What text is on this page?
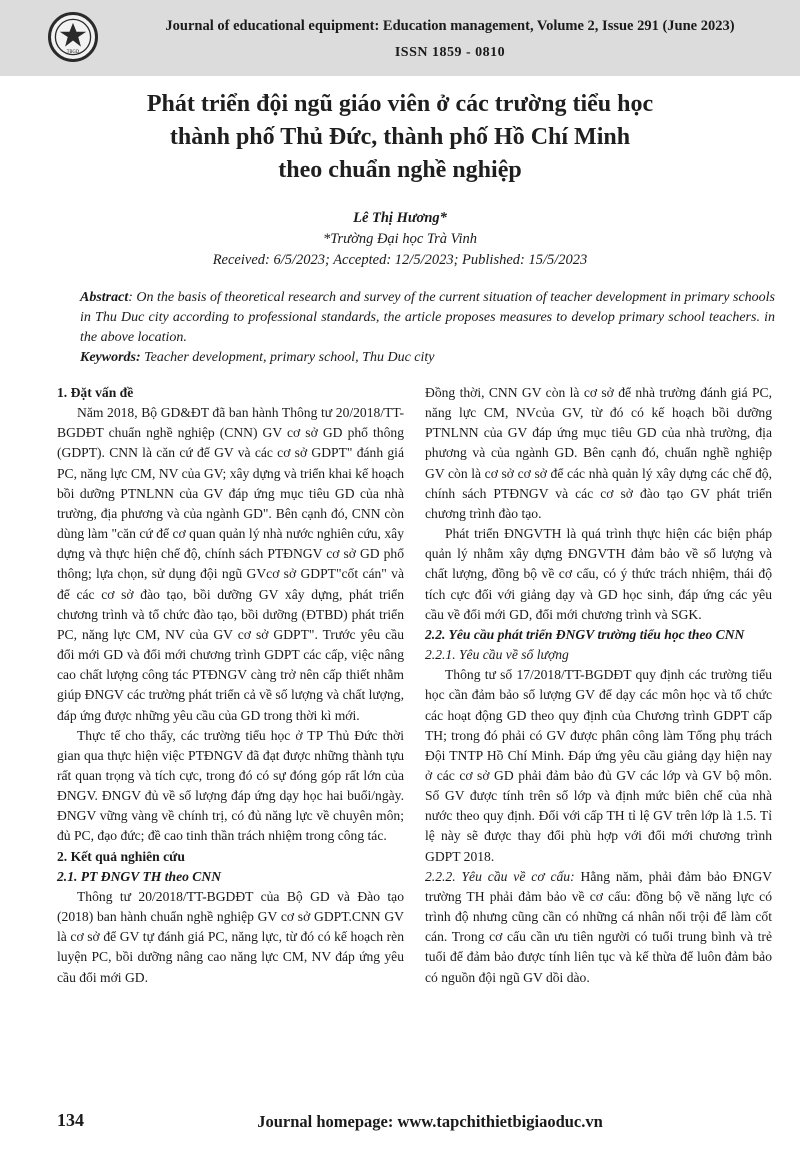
TBGD
Journal of educational equipment: Education management, Volume 2, Issue 291 (June 2023)
ISSN 1859 - 0810
Phát triển đội ngũ giáo viên ở các trường tiểu học
thành phố Thủ Đức, thành phố Hồ Chí Minh
theo chuẩn nghề nghiệp
Lê Thị Hương*
*Trường Đại học Trà Vinh
Received: 6/5/2023; Accepted: 12/5/2023; Published: 15/5/2023
Abstract: On the basis of theoretical research and survey of the current situation of teacher development in primary schools in Thu Duc city according to professional standards, the article proposes measures to develop primary school teachers. in the above location.
Keywords: Teacher development, primary school, Thu Duc city

1. Đặt vấn đề

Năm 2018, Bộ GD&ĐT đã ban hành Thông tư 20/2018/TT-BGDĐT chuẩn nghề nghiệp (CNN) GV cơ sở GD phổ thông (GDPT). CNN là căn cứ để GV và các cơ sở GDPT" đánh giá PC, năng lực CM, NV của GV; xây dựng và triển khai kế hoạch bồi dưỡng PTNLNN của GV đáp ứng mục tiêu GD của nhà trường, địa phương và của ngành GD". Bên cạnh đó, CNN còn dùng làm "căn cứ để cơ quan quản lý nhà nước nghiên cứu, xây dựng và thực hiện chế độ, chính sách PTĐNGV cơ sở GD phổ thông; lựa chọn, sử dụng đội ngũ GVcơ sở GDPT"cốt cán" và để các cơ sở đào tạo, bồi dưỡng GV xây dựng, phát triển chương trình và tổ chức đào tạo, bồi dưỡng (ĐTBD) phát triển PC, năng lực CM, NV của GV cơ sở GDPT". Trước yêu cầu đổi mới GD và đổi mới chương trình GDPT các cấp, việc nâng cao chất lượng công tác PTĐNGV càng trở nên cấp thiết nhằm giúp ĐNGV các trường phát triển cả về số lượng và chất lượng, đáp ứng được những yêu cầu của GD trong thời kì mới.

Thực tế cho thấy, các trường tiểu học ở TP Thủ Đức thời gian qua thực hiện việc PTĐNGV đã đạt được những thành tựu rất quan trọng và tích cực, trong đó có sự đóng góp rất lớn của ĐNGV. ĐNGV đủ về số lượng đáp ứng dạy học hai buổi/ngày. ĐNGV vững vàng về chính trị, có đủ năng lực về chuyên môn; đủ PC, đạo đức; đề cao tinh thần trách nhiệm trong công tác.

2. Kết quả nghiên cứu

2.1. PT ĐNGV TH theo CNN

Thông tư 20/2018/TT-BGDĐT của Bộ GD và Đào tạo (2018) ban hành chuẩn nghề nghiệp GV cơ sở GDPT.CNN GV là cơ sở để GV tự đánh giá PC, năng lực, từ đó có kế hoạch rèn luyện PC, bồi dưỡng nâng cao năng lực CM, NV đáp ứng yêu cầu đổi mới GD.

Đồng thời, CNN GV còn là cơ sở để nhà trường đánh giá PC, năng lực CM, NVcủa GV, từ đó có kế hoạch bồi dưỡng PTNLNN của GV đáp ứng mục tiêu GD của nhà trường, địa phương và của ngành GD. Bên cạnh đó, chuẩn nghề nghiệp GV còn là cơ sở cơ sở để các nhà quản lý xây dựng các chế độ, chính sách PTĐNGV và các cơ sở đào tạo GV phát triển chương trình đào tạo.

Phát triển ĐNGVTH là quá trình thực hiện các biện pháp quản lý nhằm xây dựng ĐNGVTH đảm bảo về số lượng và chất lượng, đồng bộ về cơ cấu, có ý thức trách nhiệm, thái độ tích cực đối với giảng dạy và GD học sinh, đáp ứng các yêu cầu về đổi mới GD, đổi mới chương trình và SGK.

2.2. Yêu cầu phát triển ĐNGV trường tiểu học theo CNN

2.2.1. Yêu cầu về số lượng

Thông tư số 17/2018/TT-BGDĐT quy định các trường tiểu học cần đảm bảo số lượng GV để dạy các môn học và tổ chức các hoạt động GD theo quy định của Chương trình GDPT cấp TH; trong đó phải có GV được phân công làm Tổng phụ trách Đội TNTP Hồ Chí Minh. Đáp ứng yêu cầu giảng dạy hiện nay ở các cơ sở GD phải đảm bảo đủ GV các lớp và GV bộ môn. Số GV được tính trên số lớp và định mức biên chế của nhà nước theo quy định. Đối với cấp TH tỉ lệ GV trên lớp là 1.5. Tỉ lệ này sẽ được thay đổi phù hợp với đổi mới chương trình GDPT 2018.

2.2.2. Yêu cầu về cơ cấu: Hằng năm, phải đảm bảo ĐNGV trường TH phải đảm bảo về cơ cấu: đồng bộ về năng lực có trình độ nhưng cũng cần có những cá nhân nổi trội để làm cốt cán. Trong cơ cấu cần ưu tiên người có tuổi trung bình và trẻ tuổi để đảm bảo được tính liên tục và kế thừa để luôn đảm bảo có nguồn đội ngũ GV dồi dào.

134	Journal homepage: www.tapchithietbigiaoduc.vn
